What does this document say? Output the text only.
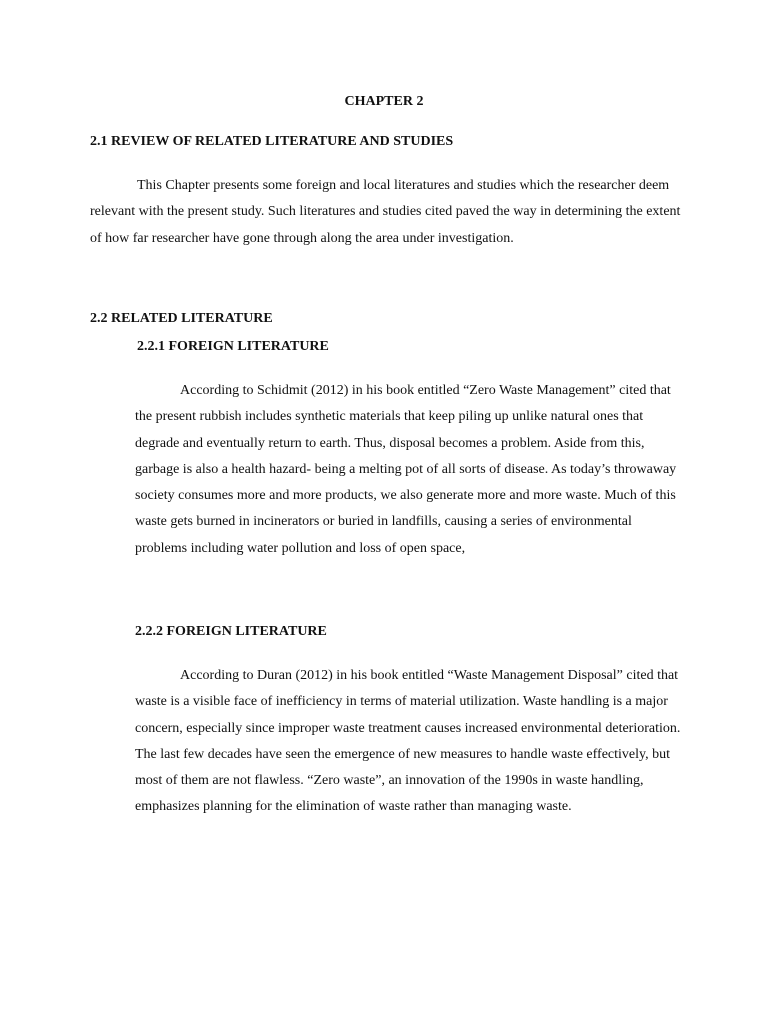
CHAPTER 2
2.1 REVIEW OF RELATED LITERATURE AND STUDIES

This Chapter presents some foreign and local literatures and studies which the researcher deem relevant with the present study. Such literatures and studies cited paved the way in determining the extent of how far researcher have gone through along the area under investigation.

2.2 RELATED LITERATURE
2.2.1 FOREIGN LITERATURE

According to Schidmit (2012) in his book entitled “Zero Waste Management” cited that the present rubbish includes synthetic materials that keep piling up unlike natural ones that degrade and eventually return to earth. Thus, disposal becomes a problem. Aside from this, garbage is also a health hazard- being a melting pot of all sorts of disease. As today’s throwaway society consumes more and more products, we also generate more and more waste. Much of this waste gets burned in incinerators or buried in landfills, causing a series of environmental problems including water pollution and loss of open space,

2.2.2 FOREIGN LITERATURE

According to Duran (2012) in his book entitled “Waste Management Disposal” cited that waste is a visible face of inefficiency in terms of material utilization. Waste handling is a major concern, especially since improper waste treatment causes increased environmental deterioration. The last few decades have seen the emergence of new measures to handle waste effectively, but most of them are not flawless. “Zero waste”, an innovation of the 1990s in waste handling, emphasizes planning for the elimination of waste rather than managing waste.
